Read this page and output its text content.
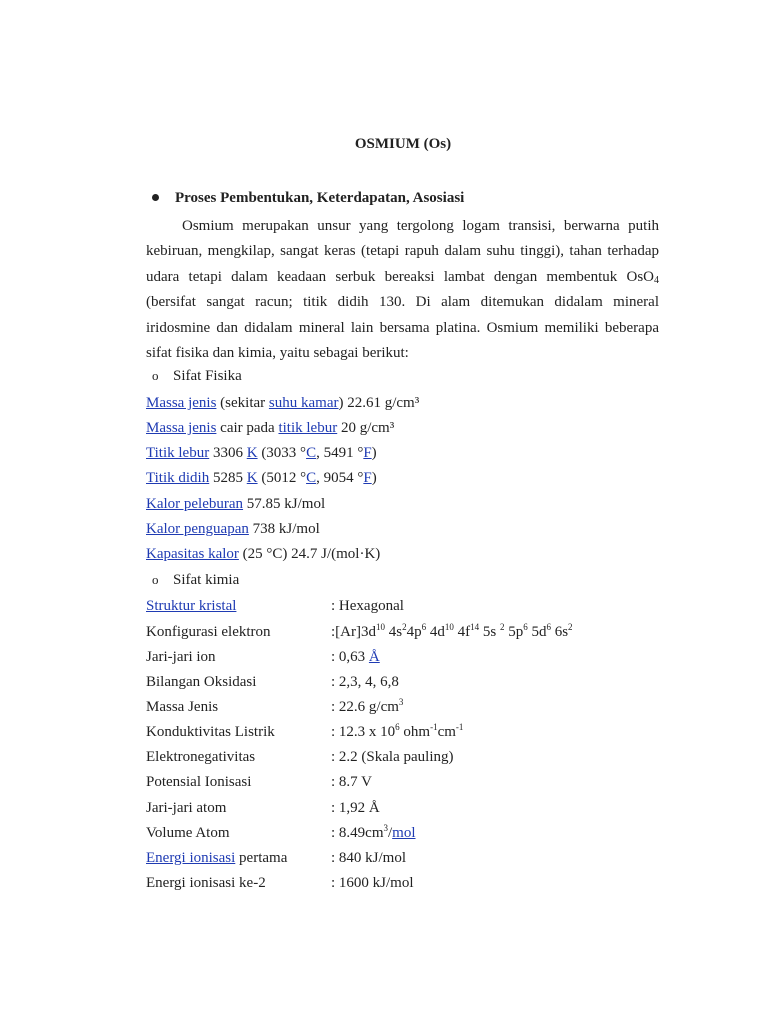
OSMIUM (Os)
Proses Pembentukan, Keterdapatan, Asosiasi
Osmium merupakan unsur yang tergolong logam transisi, berwarna putih kebiruan, mengkilap, sangat keras (tetapi rapuh dalam suhu tinggi), tahan terhadap udara tetapi dalam keadaan serbuk bereaksi lambat dengan membentuk OsO$_4$ (bersifat sangat racun; titik didih 130. Di alam ditemukan didalam mineral iridosmine dan didalam mineral lain bersama platina. Osmium memiliki beberapa sifat fisika dan kimia, yaitu sebagai berikut:
o Sifat Fisika
Massa jenis (sekitar suhu kamar) 22.61 g/cm³
Massa jenis cair pada titik lebur 20 g/cm³
Titik lebur 3306 K (3033 °C, 5491 °F)
Titik didih 5285 K (5012 °C, 9054 °F)
Kalor peleburan 57.85 kJ/mol
Kalor penguapan 738 kJ/mol
Kapasitas kalor (25 °C) 24.7 J/(mol·K)
o Sifat kimia
Struktur kristal	: Hexagonal
Konfigurasi elektron	$:[Ar]3d^{10}$ $4s^24p^6$ $4d^{10}$ $4f^{14}$ 5s $^2$ $5p^6$ $5d^6$ $6s^2$
Jari-jari ion	: 0,63 Å
Bilangan Oksidasi	: 2,3, 4, 6,8
Massa Jenis	: 22.6 $g/cm^3$
Konduktivitas Listrik	: 12.3 x $10^6$ $ohm^{-1}cm^{-1}$
Elektronegativitas	: 2.2 (Skala pauling)
Potensial Ionisasi	: 8.7 V
Jari-jari atom	: 1,92 Å
Volume Atom	: $8.49cm^3$/mol
Energi ionisasi pertama	: 840 kJ/mol
Energi ionisasi ke-2	: 1600 kJ/mol
